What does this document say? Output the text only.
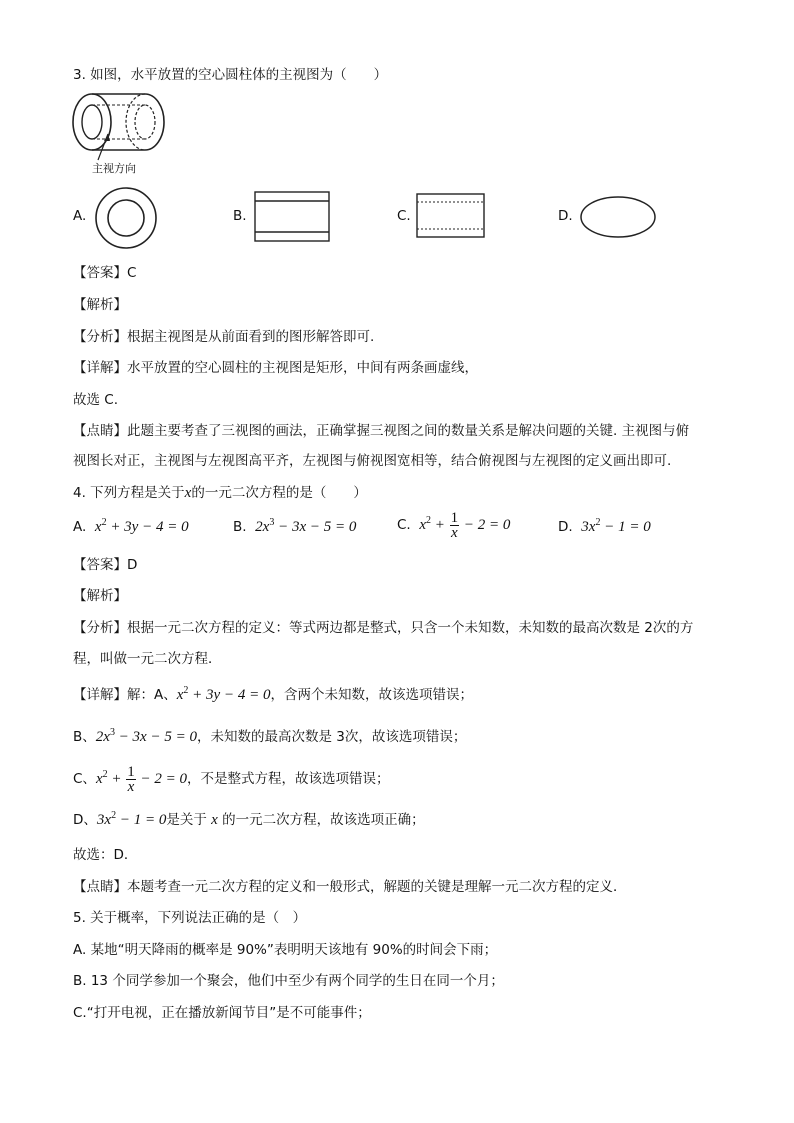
3. 如图，水平放置的空心圆柱体的主视图为（　　）
主视方向
A.	B.	C.	D.
【答案】C
【解析】
【分析】根据主视图是从前面看到的图形解答即可.
【详解】水平放置的空心圆柱的主视图是矩形，中间有两条画虚线，
故选 C.
【点睛】此题主要考查了三视图的画法，正确掌握三视图之间的数量关系是解决问题的关键. 主视图与俯
视图长对正，主视图与左视图高平齐，左视图与俯视图宽相等，结合俯视图与左视图的定义画出即可.
4. 下列方程是关于x的一元二次方程的是（　　）
A. $x^2 + 3y - 4 = 0$	B. $2x^3 - 3x - 5 = 0$	C. $x^2 + \frac{1}{x} - 2 = 0$	D. $3x^2 - 1 = 0$
【答案】D
【解析】
【分析】根据一元二次方程的定义：等式两边都是整式，只含一个未知数，未知数的最高次数是 2次的方
程，叫做一元二次方程．
【详解】解：A、$x^2 + 3y - 4 = 0$，含两个未知数，故该选项错误；
B、$2x^3 - 3x - 5 = 0$，未知数的最高次数是 3次，故该选项错误；
C、$x^2 + \frac{1}{x} - 2 = 0$，不是整式方程，故该选项错误；
D、$3x^2 - 1 = 0$是关于 x 的一元二次方程，故该选项正确；
故选：D．
【点睛】本题考查一元二次方程的定义和一般形式，解题的关键是理解一元二次方程的定义．
5. 关于概率，下列说法正确的是（　）
A. 某地“明天降雨的概率是 90%”表明明天该地有 90%的时间会下雨；
B. 13 个同学参加一个聚会，他们中至少有两个同学的生日在同一个月；
C.“打开电视，正在播放新闻节目”是不可能事件；
